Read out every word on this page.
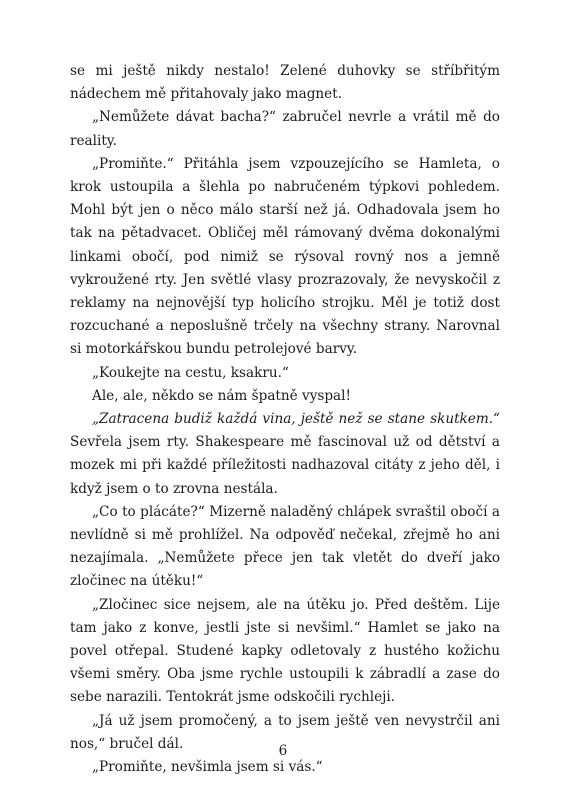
se mi ještě nikdy nestalo! Zelené duhovky se stříbřitým nádechem mě přitahovaly jako magnet.

„Nemůžete dávat bacha?“ zabručel nevrle a vrátil mě do reality.

„Promiňte.“ Přitáhla jsem vzpouzejícího se Hamleta, o krok ustoupila a šlehla po nabručeném týpkovi pohledem. Mohl být jen o něco málo starší než já. Odhadovala jsem ho tak na pětadvacet. Obličej měl rámovaný dvěma dokonalými linkami obočí, pod nimiž se rýsoval rovný nos a jemně vykroužené rty. Jen světlé vlasy prozrazovaly, že nevyskočil z reklamy na nejnovější typ holicího strojku. Měl je totiž dost rozcuchané a neposlušně trčely na všechny strany. Narovnal si motorkářskou bundu petrolejové barvy.

„Koukejte na cestu, ksakru.“

Ale, ale, někdo se nám špatně vyspal!

„Zatracena budiž každá vina, ještě než se stane skutkem.“ Sevřela jsem rty. Shakespeare mě fascinoval už od dětství a mozek mi při každé příležitosti nadhazoval citáty z jeho děl, i když jsem o to zrovna nestála.

„Co to plácáte?“ Mizerně naladěný chlápek svraštil obočí a nevlídně si mě prohlížel. Na odpověď nečekal, zřejmě ho ani nezajímala. „Nemůžete přece jen tak vletět do dveří jako zločinec na útěku!“

„Zločinec sice nejsem, ale na útěku jo. Před deštěm. Lije tam jako z konve, jestli jste si nevšiml.“ Hamlet se jako na povel otřepal. Studené kapky odletovaly z hustého kožichu všemi směry. Oba jsme rychle ustoupili k zábradlí a zase do sebe narazili. Tentokrát jsme odskočili rychleji.

„Já už jsem promočený, a to jsem ještě ven nevystrčil ani nos,“ bručel dál.

„Promiňte, nevšimla jsem si vás.“

6
